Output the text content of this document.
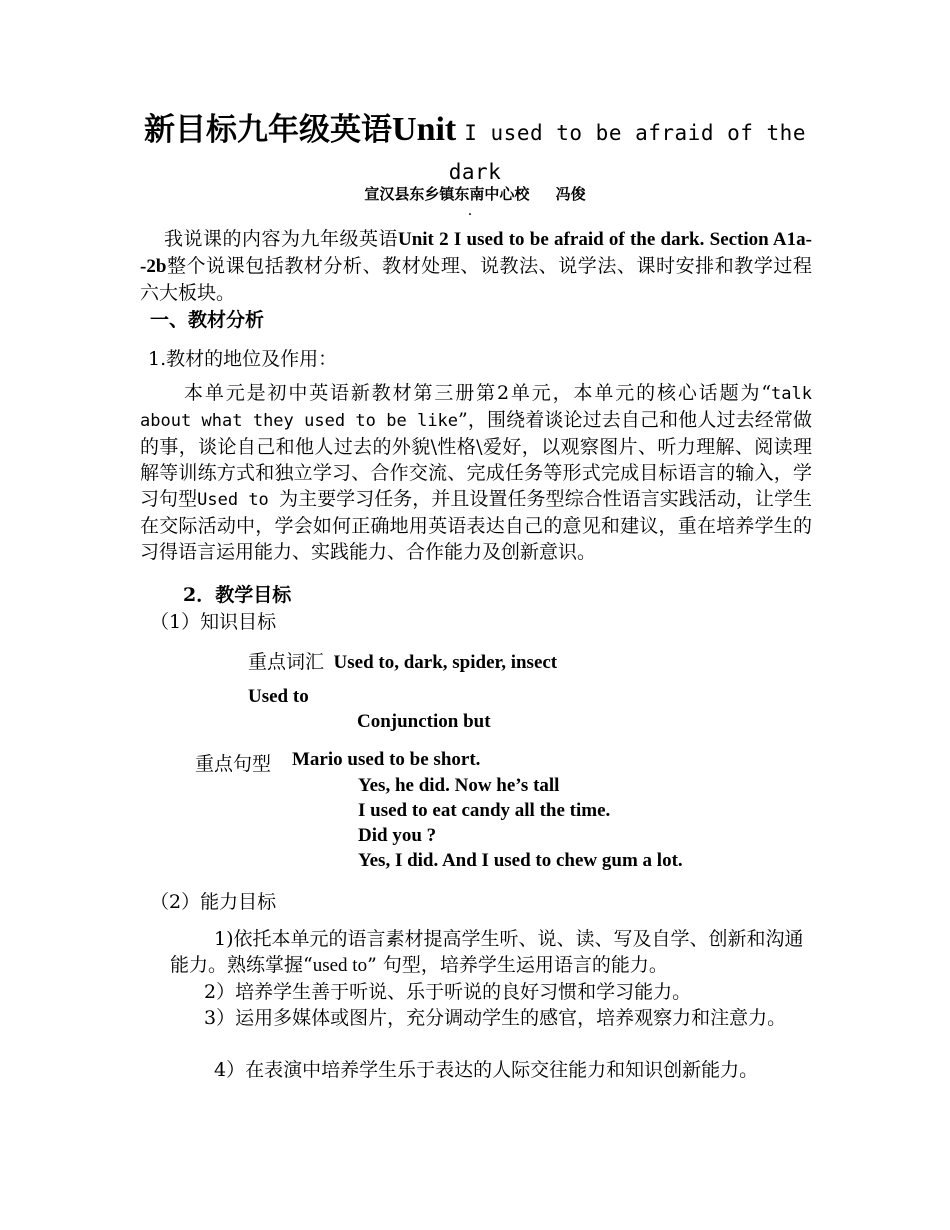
新目标九年级英语Unit I used to be afraid of the dark
宣汉县东乡镇东南中心校 冯俊
.
我说课的内容为九年级英语Unit 2 I used to be afraid of the dark. Section A1a--2b整个说课包括教材分析、教材处理、说教法、说学法、课时安排和教学过程六大板块。
一、教材分析
1.教材的地位及作用：
本单元是初中英语新教材第三册第2单元，本单元的核心话题为“talk about what they used to be like”，围绕着谈论过去自己和他人过去经常做的事，谈论自己和他人过去的外貌\性格\爱好，以观察图片、听力理解、阅读理解等训练方式和独立学习、合作交流、完成任务等形式完成目标语言的输入，学习句型Used to 为主要学习任务，并且设置任务型综合性语言实践活动，让学生在交际活动中，学会如何正确地用英语表达自己的意见和建议，重在培养学生的习得语言运用能力、实践能力、合作能力及创新意识。
2．教学目标
（1）知识目标
重点词汇 Used to, dark, spider, insect
Used to
Conjunction but
重点句型 Mario used to be short.
Yes, he did. Now he’s tall
I used to eat candy all the time.
Did you ?
Yes, I did. And I used to chew gum a lot.
（2）能力目标
1)依托本单元的语言素材提高学生听、说、读、写及自学、创新和沟通能力。熟练掌握“used to” 句型，培养学生运用语言的能力。
2）培养学生善于听说、乐于听说的良好习惯和学习能力。
3）运用多媒体或图片，充分调动学生的感官，培养观察力和注意力。
4）在表演中培养学生乐于表达的人际交往能力和知识创新能力。
